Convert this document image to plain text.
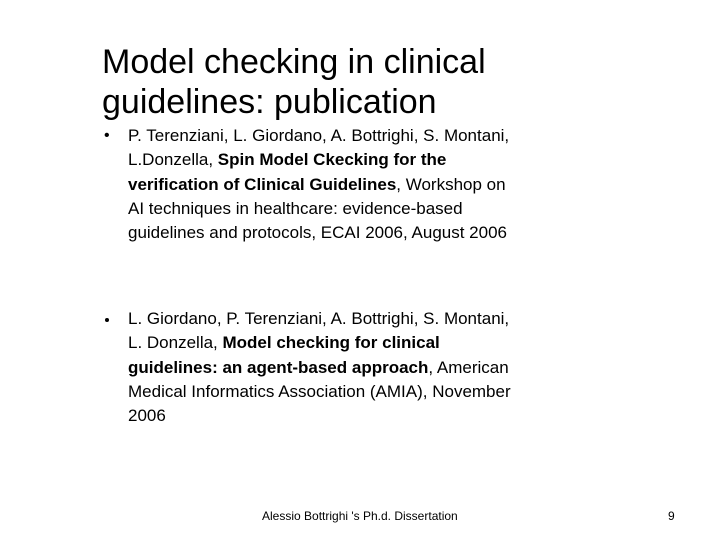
Model checking in clinical
guidelines: publication
•	P. Terenziani, L. Giordano, A. Bottrighi, S. Montani, L.Donzella, Spin Model Ckecking for the verification of Clinical Guidelines, Workshop on AI techniques in healthcare: evidence-based guidelines and protocols, ECAI 2006, August 2006
L. Giordano, P. Terenziani, A. Bottrighi, S. Montani, L. Donzella, Model checking for clinical guidelines: an agent-based approach, American Medical Informatics Association (AMIA), November 2006
Alessio Bottrighi 's Ph.d. Dissertation	9
